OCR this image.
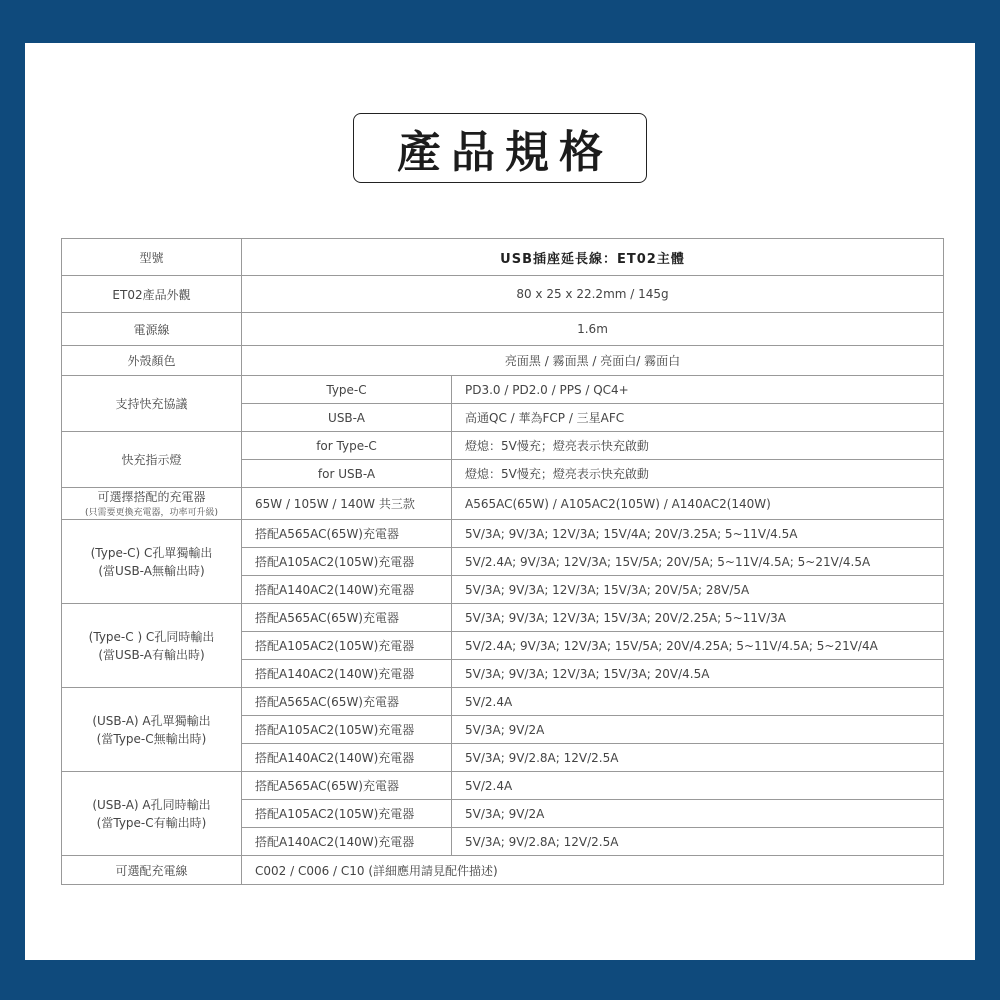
產品規格
型號	USB插座延長線：ET02主體	
ET02產品外觀	80 x 25 x 22.2mm / 145g	
電源線	1.6m	
外殼顏色	亮面黑 / 霧面黑 / 亮面白/ 霧面白	
支持快充協議	Type-C	PD3.0 / PD2.0 / PPS / QC4+
	USB-A	高通QC / 華為FCP / 三星AFC
快充指示燈	for Type-C	燈熄：5V慢充；燈亮表示快充啟動
	for USB-A	燈熄：5V慢充；燈亮表示快充啟動

可選擇搭配的充電器
(只需要更換充電器，功率可升級)	65W / 105W / 140W 共三款	A565AC(65W) / A105AC2(105W) / A140AC2(140W)

(Type-C) C孔單獨輸出
(當USB-A無輸出時)	搭配A565AC(65W)充電器	5V/3A; 9V/3A; 12V/3A; 15V/4A; 20V/3.25A; 5~11V/4.5A
	搭配A105AC2(105W)充電器	5V/2.4A; 9V/3A; 12V/3A; 15V/5A; 20V/5A; 5~11V/4.5A; 5~21V/4.5A
	搭配A140AC2(140W)充電器	5V/3A; 9V/3A; 12V/3A; 15V/3A; 20V/5A; 28V/5A

(Type-C ) C孔同時輸出
(當USB-A有輸出時)	搭配A565AC(65W)充電器	5V/3A; 9V/3A; 12V/3A; 15V/3A; 20V/2.25A; 5~11V/3A
	搭配A105AC2(105W)充電器	5V/2.4A; 9V/3A; 12V/3A; 15V/5A; 20V/4.25A; 5~11V/4.5A; 5~21V/4A
	搭配A140AC2(140W)充電器	5V/3A; 9V/3A; 12V/3A; 15V/3A; 20V/4.5A

(USB-A) A孔單獨輸出
(當Type-C無輸出時)	搭配A565AC(65W)充電器	5V/2.4A
	搭配A105AC2(105W)充電器	5V/3A; 9V/2A
	搭配A140AC2(140W)充電器	5V/3A; 9V/2.8A; 12V/2.5A

(USB-A) A孔同時輸出
(當Type-C有輸出時)	搭配A565AC(65W)充電器	5V/2.4A
	搭配A105AC2(105W)充電器	5V/3A; 9V/2A
	搭配A140AC2(140W)充電器	5V/3A; 9V/2.8A; 12V/2.5A
可選配充電線	C002 / C006 / C10 (詳細應用請見配件描述)	
